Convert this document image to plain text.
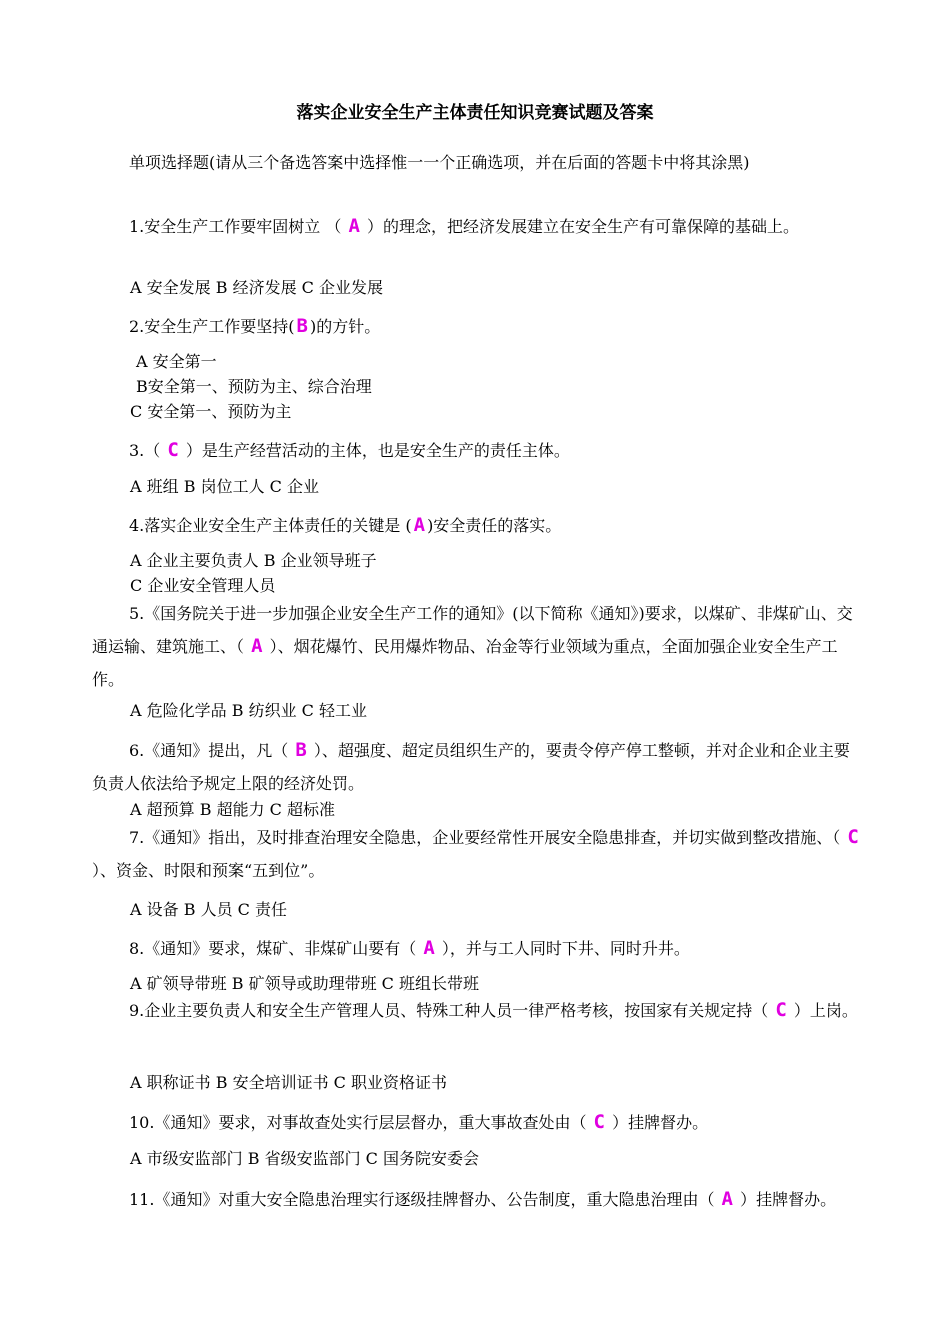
落实企业安全生产主体责任知识竞赛试题及答案
单项选择题(请从三个备选答案中选择惟一一个正确选项，并在后面的答题卡中将其涂黑)
1.安全生产工作要牢固树立 （ A ）的理念，把经济发展建立在安全生产有可靠保障的基础上。
A 安全发展 B 经济发展 C 企业发展
2.安全生产工作要坚持( B )的方针。
A 安全第一
B安全第一、预防为主、综合治理
C 安全第一、预防为主
3.（ C ）是生产经营活动的主体，也是安全生产的责任主体。
A 班组 B 岗位工人 C 企业
4.落实企业安全生产主体责任的关键是 ( A )安全责任的落实。
A 企业主要负责人 B 企业领导班子
C 企业安全管理人员
5.《国务院关于进一步加强企业安全生产工作的通知》(以下简称《通知》)要求，以煤矿、非煤矿山、交通运输、建筑施工、（ A ）、烟花爆竹、民用爆炸物品、冶金等行业领域为重点，全面加强企业安全生产工作。
A 危险化学品 B 纺织业 C 轻工业
6.《通知》提出，凡（ B ）、超强度、超定员组织生产的，要责令停产停工整顿，并对企业和企业主要负责人依法给予规定上限的经济处罚。
A 超预算 B 超能力 C 超标准
7.《通知》指出，及时排查治理安全隐患，企业要经常性开展安全隐患排查，并切实做到整改措施、（ C ）、资金、时限和预案“五到位”。
A 设备 B 人员 C 责任
8.《通知》要求，煤矿、非煤矿山要有（ A ），并与工人同时下井、同时升井。
A 矿领导带班 B 矿领导或助理带班 C 班组长带班
9.企业主要负责人和安全生产管理人员、特殊工种人员一律严格考核，按国家有关规定持（ C ）上岗。
A 职称证书 B 安全培训证书 C 职业资格证书
10.《通知》要求，对事故查处实行层层督办，重大事故查处由（ C ）挂牌督办。
A 市级安监部门 B 省级安监部门 C 国务院安委会
11.《通知》对重大安全隐患治理实行逐级挂牌督办、公告制度，重大隐患治理由（ A ）挂牌督办。
